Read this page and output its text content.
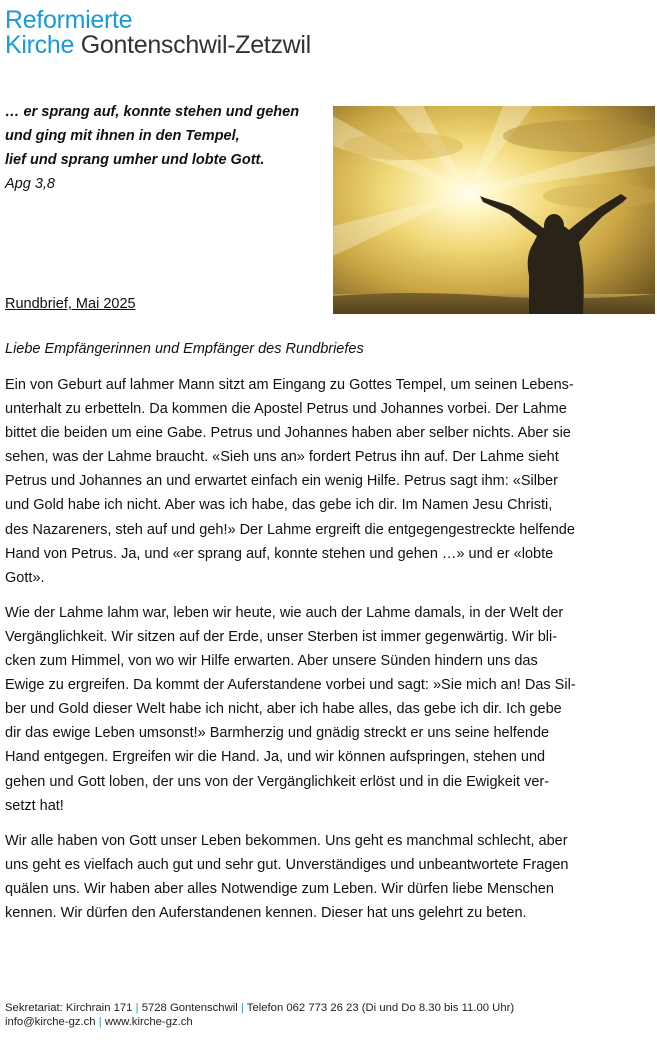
Reformierte
Kirche Gontenschwil-Zetzwil
… er sprang auf, konnte stehen und gehen
und ging mit ihnen in den Tempel,
lief und sprang umher und lobte Gott.
Apg 3,8
Rundbrief, Mai 2025
Liebe Empfängerinnen und Empfänger des Rundbriefes

Ein von Geburt auf lahmer Mann sitzt am Eingang zu Gottes Tempel, um seinen Lebens-
unterhalt zu erbetteln. Da kommen die Apostel Petrus und Johannes vorbei. Der Lahme
bittet die beiden um eine Gabe. Petrus und Johannes haben aber selber nichts. Aber sie
sehen, was der Lahme braucht. «Sieh uns an» fordert Petrus ihn auf. Der Lahme sieht
Petrus und Johannes an und erwartet einfach ein wenig Hilfe. Petrus sagt ihm: «Silber
und Gold habe ich nicht. Aber was ich habe, das gebe ich dir. Im Namen Jesu Christi,
des Nazareners, steh auf und geh!» Der Lahme ergreift die entgegengestreckte helfende
Hand von Petrus. Ja, und «er sprang auf, konnte stehen und gehen …» und er «lobte
Gott».

Wie der Lahme lahm war, leben wir heute, wie auch der Lahme damals, in der Welt der
Vergänglichkeit. Wir sitzen auf der Erde, unser Sterben ist immer gegenwärtig. Wir bli-
cken zum Himmel, von wo wir Hilfe erwarten. Aber unsere Sünden hindern uns das
Ewige zu ergreifen. Da kommt der Auferstandene vorbei und sagt: »Sie mich an! Das Sil-
ber und Gold dieser Welt habe ich nicht, aber ich habe alles, das gebe ich dir. Ich gebe
dir das ewige Leben umsonst!» Barmherzig und gnädig streckt er uns seine helfende
Hand entgegen. Ergreifen wir die Hand. Ja, und wir können aufspringen, stehen und
gehen und Gott loben, der uns von der Vergänglichkeit erlöst und in die Ewigkeit ver-
setzt hat!

Wir alle haben von Gott unser Leben bekommen. Uns geht es manchmal schlecht, aber
uns geht es vielfach auch gut und sehr gut. Unverständiges und unbeantwortete Fragen
quälen uns. Wir haben aber alles Notwendige zum Leben. Wir dürfen liebe Menschen
kennen. Wir dürfen den Auferstandenen kennen. Dieser hat uns gelehrt zu beten.

Sekretariat: Kirchrain 171 | 5728 Gontenschwil | Telefon 062 773 26 23 (Di und Do 8.30 bis 11.00 Uhr)
info@kirche-gz.ch | www.kirche-gz.ch
